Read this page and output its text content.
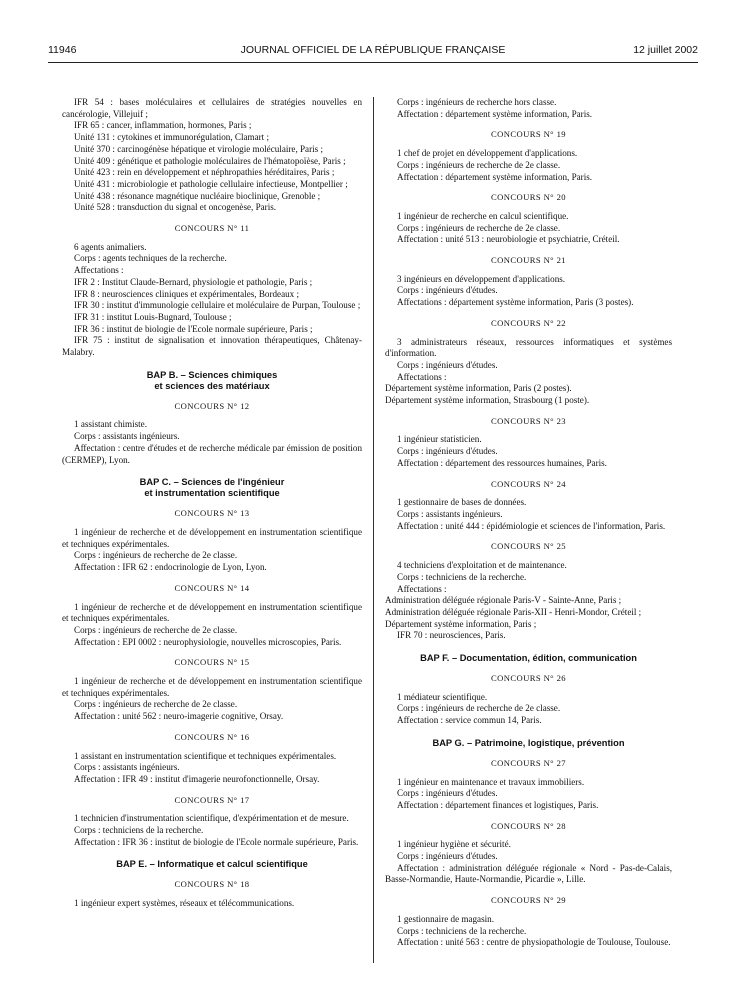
11946	JOURNAL OFFICIEL DE LA RÉPUBLIQUE FRANÇAISE	12 juillet 2002

IFR 54 : bases moléculaires et cellulaires de stratégies nouvelles en cancérologie, Villejuif ;

IFR 65 : cancer, inflammation, hormones, Paris ;

Unité 131 : cytokines et immunorégulation, Clamart ;

Unité 370 : carcinogénèse hépatique et virologie moléculaire, Paris ;

Unité 409 : génétique et pathologie moléculaires de l'hématopoïèse, Paris ;

Unité 423 : rein en développement et néphropathies héréditaires, Paris ;

Unité 431 : microbiologie et pathologie cellulaire infectieuse, Montpellier ;

Unité 438 : résonance magnétique nucléaire bioclinique, Grenoble ;

Unité 528 : transduction du signal et oncogenèse, Paris.

CONCOURS N° 11

6 agents animaliers.

Corps : agents techniques de la recherche.

Affectations :

IFR 2 : Institut Claude-Bernard, physiologie et pathologie, Paris ;

IFR 8 : neurosciences cliniques et expérimentales, Bordeaux ;

IFR 30 : institut d'immunologie cellulaire et moléculaire de Purpan, Toulouse ;

IFR 31 : institut Louis-Bugnard, Toulouse ;

IFR 36 : institut de biologie de l'Ecole normale supérieure, Paris ;

IFR 75 : institut de signalisation et innovation thérapeutiques, Châtenay-Malabry.

BAP B. – Sciences chimiques
et sciences des matériaux
CONCOURS N° 12

1 assistant chimiste.

Corps : assistants ingénieurs.

Affectation : centre d'études et de recherche médicale par émission de position (CERMEP), Lyon.

BAP C. – Sciences de l'ingénieur
et instrumentation scientifique
CONCOURS N° 13

1 ingénieur de recherche et de développement en instrumentation scientifique et techniques expérimentales.

Corps : ingénieurs de recherche de 2e classe.

Affectation : IFR 62 : endocrinologie de Lyon, Lyon.

CONCOURS N° 14

1 ingénieur de recherche et de développement en instrumentation scientifique et techniques expérimentales.

Corps : ingénieurs de recherche de 2e classe.

Affectation : EPI 0002 : neurophysiologie, nouvelles microscopies, Paris.

CONCOURS N° 15

1 ingénieur de recherche et de développement en instrumentation scientifique et techniques expérimentales.

Corps : ingénieurs de recherche de 2e classe.

Affectation : unité 562 : neuro-imagerie cognitive, Orsay.

CONCOURS N° 16

1 assistant en instrumentation scientifique et techniques expérimentales.

Corps : assistants ingénieurs.

Affectation : IFR 49 : institut d'imagerie neurofonctionnelle, Orsay.

CONCOURS N° 17

1 technicien d'instrumentation scientifique, d'expérimentation et de mesure.

Corps : techniciens de la recherche.

Affectation : IFR 36 : institut de biologie de l'Ecole normale supérieure, Paris.

BAP E. – Informatique et calcul scientifique
CONCOURS N° 18

1 ingénieur expert systèmes, réseaux et télécommunications.

Corps : ingénieurs de recherche hors classe.

Affectation : département système information, Paris.

CONCOURS N° 19

1 chef de projet en développement d'applications.

Corps : ingénieurs de recherche de 2e classe.

Affectation : département système information, Paris.

CONCOURS N° 20

1 ingénieur de recherche en calcul scientifique.

Corps : ingénieurs de recherche de 2e classe.

Affectation : unité 513 : neurobiologie et psychiatrie, Créteil.

CONCOURS N° 21

3 ingénieurs en développement d'applications.

Corps : ingénieurs d'études.

Affectations : département système information, Paris (3 postes).

CONCOURS N° 22

3 administrateurs réseaux, ressources informatiques et systèmes d'information.

Corps : ingénieurs d'études.

Affectations :

Département système information, Paris (2 postes).

Département système information, Strasbourg (1 poste).

CONCOURS N° 23

1 ingénieur statisticien.

Corps : ingénieurs d'études.

Affectation : département des ressources humaines, Paris.

CONCOURS N° 24

1 gestionnaire de bases de données.

Corps : assistants ingénieurs.

Affectation : unité 444 : épidémiologie et sciences de l'information, Paris.

CONCOURS N° 25

4 techniciens d'exploitation et de maintenance.

Corps : techniciens de la recherche.

Affectations :

Administration déléguée régionale Paris-V - Sainte-Anne, Paris ;

Administration déléguée régionale Paris-XII - Henri-Mondor, Créteil ;

Département système information, Paris ;

IFR 70 : neurosciences, Paris.

BAP F. – Documentation, édition, communication
CONCOURS N° 26

1 médiateur scientifique.

Corps : ingénieurs de recherche de 2e classe.

Affectation : service commun 14, Paris.

BAP G. – Patrimoine, logistique, prévention
CONCOURS N° 27

1 ingénieur en maintenance et travaux immobiliers.

Corps : ingénieurs d'études.

Affectation : département finances et logistiques, Paris.

CONCOURS N° 28

1 ingénieur hygiène et sécurité.

Corps : ingénieurs d'études.

Affectation : administration déléguée régionale « Nord - Pas-de-Calais, Basse-Normandie, Haute-Normandie, Picardie », Lille.

CONCOURS N° 29

1 gestionnaire de magasin.

Corps : techniciens de la recherche.

Affectation : unité 563 : centre de physiopathologie de Toulouse, Toulouse.
